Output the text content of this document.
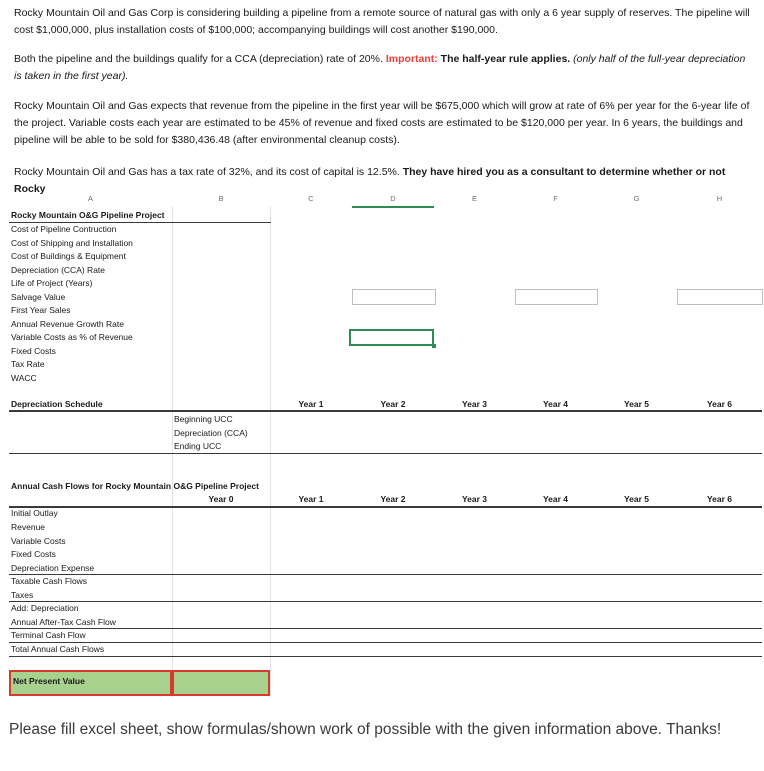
Rocky Mountain Oil and Gas Corp is considering building a pipeline from a remote source of natural gas with only a 6 year supply of reserves. The pipeline will cost $1,000,000, plus installation costs of $100,000; accompanying buildings will cost another $190,000.

Both the pipeline and the buildings qualify for a CCA (depreciation) rate of 20%. Important: The half-year rule applies. (only half of the full-year depreciation is taken in the first year).

Rocky Mountain Oil and Gas expects that revenue from the pipeline in the first year will be $675,000 which will grow at rate of 6% per year for the 6-year life of the project. Variable costs each year are estimated to be 45% of revenue and fixed costs are estimated to be $120,000 per year. In 6 years, the buildings and pipeline will be able to be sold for $380,436.48 (after environmental cleanup costs).

Rocky Mountain Oil and Gas has a tax rate of 32%, and its cost of capital is 12.5%. They have hired you as a consultant to determine whether or not Rocky

A	B	C	D	E	F	G	H
Rocky Mountain O&G Pipeline Project
Cost of Pipeline Contruction
Cost of Shipping and Installation
Cost of Buildings & Equipment
Depreciation (CCA) Rate
Life of Project (Years)
Salvage Value
First Year Sales
Annual Revenue Growth Rate
Variable Costs as % of Revenue
Fixed Costs
Tax Rate
WACC
Depreciation Schedule	Year 1	Year 2	Year 3	Year 4	Year 5	Year 6
Beginning UCC
Depreciation (CCA)
Ending UCC
Annual Cash Flows for Rocky Mountain O&G Pipeline Project
Year 0	Year 1	Year 2	Year 3	Year 4	Year 5	Year 6
Initial Outlay
Revenue
Variable Costs
Fixed Costs
Depreciation Expense
Taxable Cash Flows
Taxes
Add: Depreciation
Annual After-Tax Cash Flow
Terminal Cash Flow
Total Annual Cash Flows
Net Present Value

Please fill excel sheet, show formulas/shown work of possible with the given information above. Thanks!
